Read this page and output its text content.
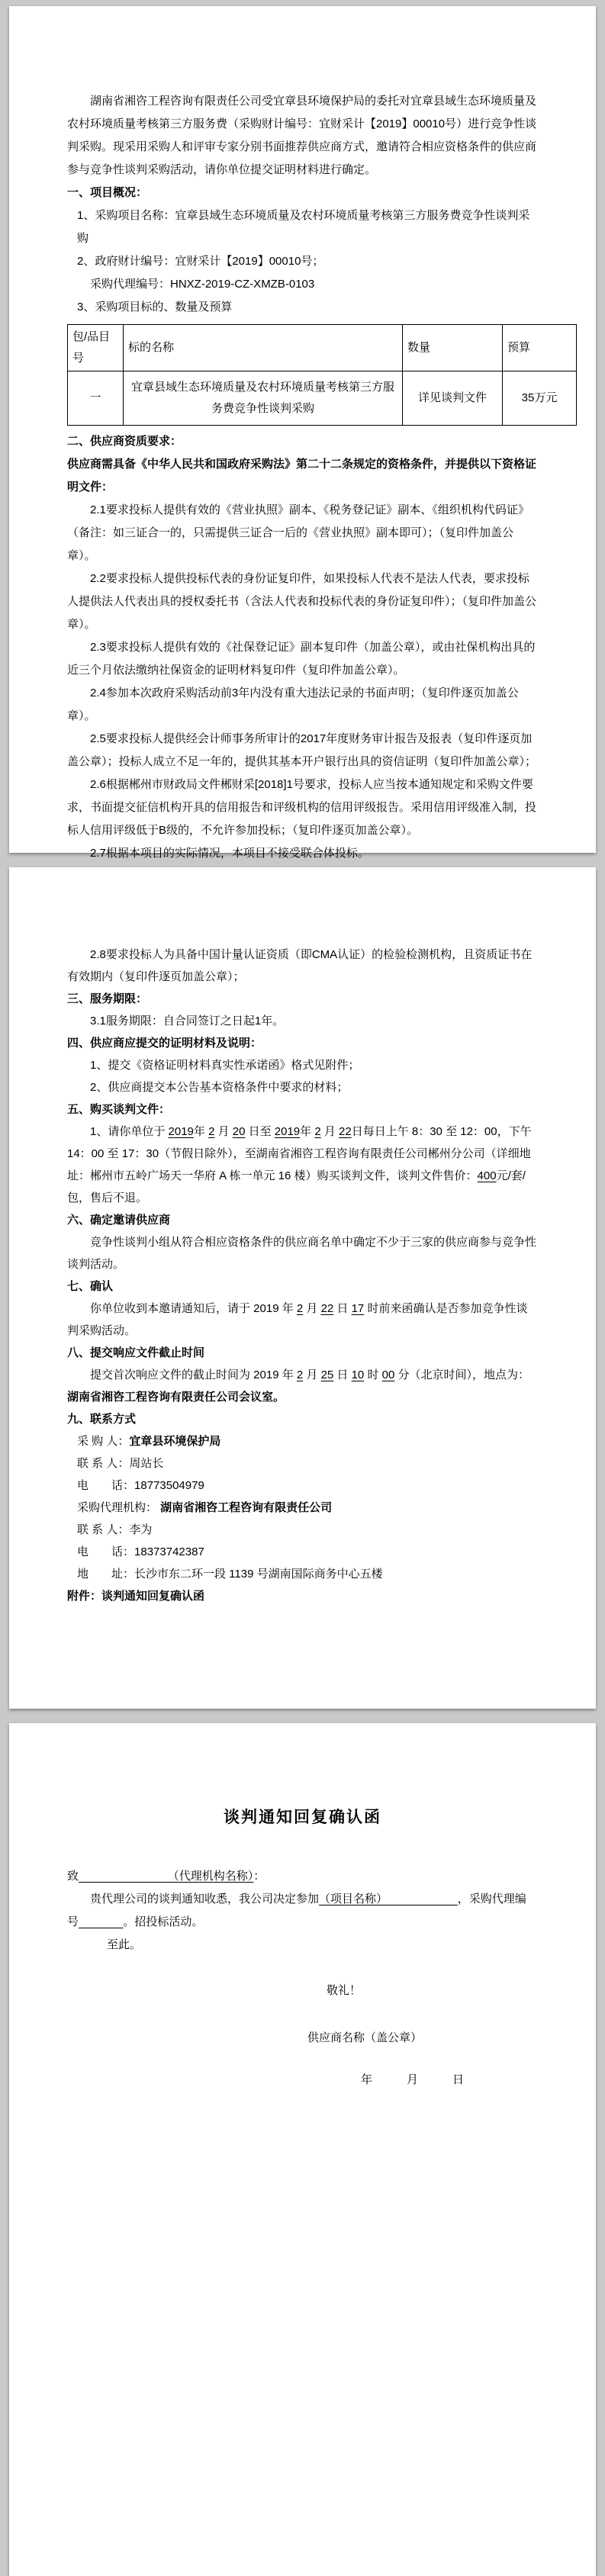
湖南省湘咨工程咨询有限责任公司受宜章县环境保护局的委托对宜章县域生态环境质量及农村环境质量考核第三方服务费（采购财计编号：宜财采计【2019】00010号）进行竞争性谈判采购。现采用采购人和评审专家分别书面推荐供应商方式，邀请符合相应资格条件的供应商参与竞争性谈判采购活动，请你单位提交证明材料进行确定。

一、项目概况：

1、采购项目名称：宜章县域生态环境质量及农村环境质量考核第三方服务费竞争性谈判采购

2、政府财计编号：宜财采计【2019】00010号；

采购代理编号：HNXZ-2019-CZ-XMZB-0103

3、采购项目标的、数量及预算

包/品目号	标的名称	数量	预算
一	宜章县域生态环境质量及农村环境质量考核第三方服务费竞争性谈判采购	详见谈判文件	35万元

二、供应商资质要求：

供应商需具备《中华人民共和国政府采购法》第二十二条规定的资格条件，并提供以下资格证明文件：

2.1要求投标人提供有效的《营业执照》副本、《税务登记证》副本、《组织机构代码证》（备注：如三证合一的，只需提供三证合一后的《营业执照》副本即可）；（复印件加盖公章）。

2.2要求投标人提供投标代表的身份证复印件，如果投标人代表不是法人代表，要求投标人提供法人代表出具的授权委托书（含法人代表和投标代表的身份证复印件）；（复印件加盖公章）。

2.3要求投标人提供有效的《社保登记证》副本复印件（加盖公章），或由社保机构出具的近三个月依法缴纳社保资金的证明材料复印件（复印件加盖公章）。

2.4参加本次政府采购活动前3年内没有重大违法记录的书面声明；（复印件逐页加盖公章）。

2.5要求投标人提供经会计师事务所审计的2017年度财务审计报告及报表（复印件逐页加盖公章）；投标人成立不足一年的，提供其基本开户银行出具的资信证明（复印件加盖公章）；

2.6根据郴州市财政局文件郴财采[2018]1号要求，投标人应当按本通知规定和采购文件要求，书面提交征信机构开具的信用报告和评级机构的信用评级报告。采用信用评级准入制，投标人信用评级低于B级的，不允许参加投标；（复印件逐页加盖公章）。

2.7根据本项目的实际情况，本项目不接受联合体投标。

2.8要求投标人为具备中国计量认证资质（即CMA认证）的检验检测机构，且资质证书在有效期内（复印件逐页加盖公章）；

三、服务期限：

3.1服务期限：自合同签订之日起1年。

四、供应商应提交的证明材料及说明：

1、提交《资格证明材料真实性承诺函》格式见附件；

2、供应商提交本公告基本资格条件中要求的材料；

五、购买谈判文件：

1、请你单位于 2019年 2 月 20 日至 2019年 2 月 22日每日上午 8：30 至 12：00，下午 14：00 至 17：30（节假日除外），至湖南省湘咨工程咨询有限责任公司郴州分公司（详细地址：郴州市五岭广场天一华府 A 栋一单元 16 楼）购买谈判文件，谈判文件售价：400元/套/包，售后不退。

六、确定邀请供应商

竞争性谈判小组从符合相应资格条件的供应商名单中确定不少于三家的供应商参与竞争性谈判活动。

七、确认

你单位收到本邀请通知后，请于 2019 年 2 月 22 日 17 时前来函确认是否参加竞争性谈判采购活动。

八、提交响应文件截止时间

提交首次响应文件的截止时间为 2019 年 2 月 25 日 10 时 00 分（北京时间），地点为：湖南省湘咨工程咨询有限责任公司会议室。

九、联系方式

采 购 人：宜章县环境保护局

联 系 人：周站长

电　　话：18773504979

采购代理机构： 湖南省湘咨工程咨询有限责任公司

联 系 人：李为

电　　话：18373742387

地　　址：长沙市东二环一段 1139 号湖南国际商务中心五楼

附件：谈判通知回复确认函

谈判通知回复确认函

致	（代理机构名称）：

贵代理公司的谈判通知收悉，我公司决定参加（项目名称）	，采购代理编号	。招投标活动。

至此。

敬礼！

供应商名称（盖公章）

年　　　月　　　日
